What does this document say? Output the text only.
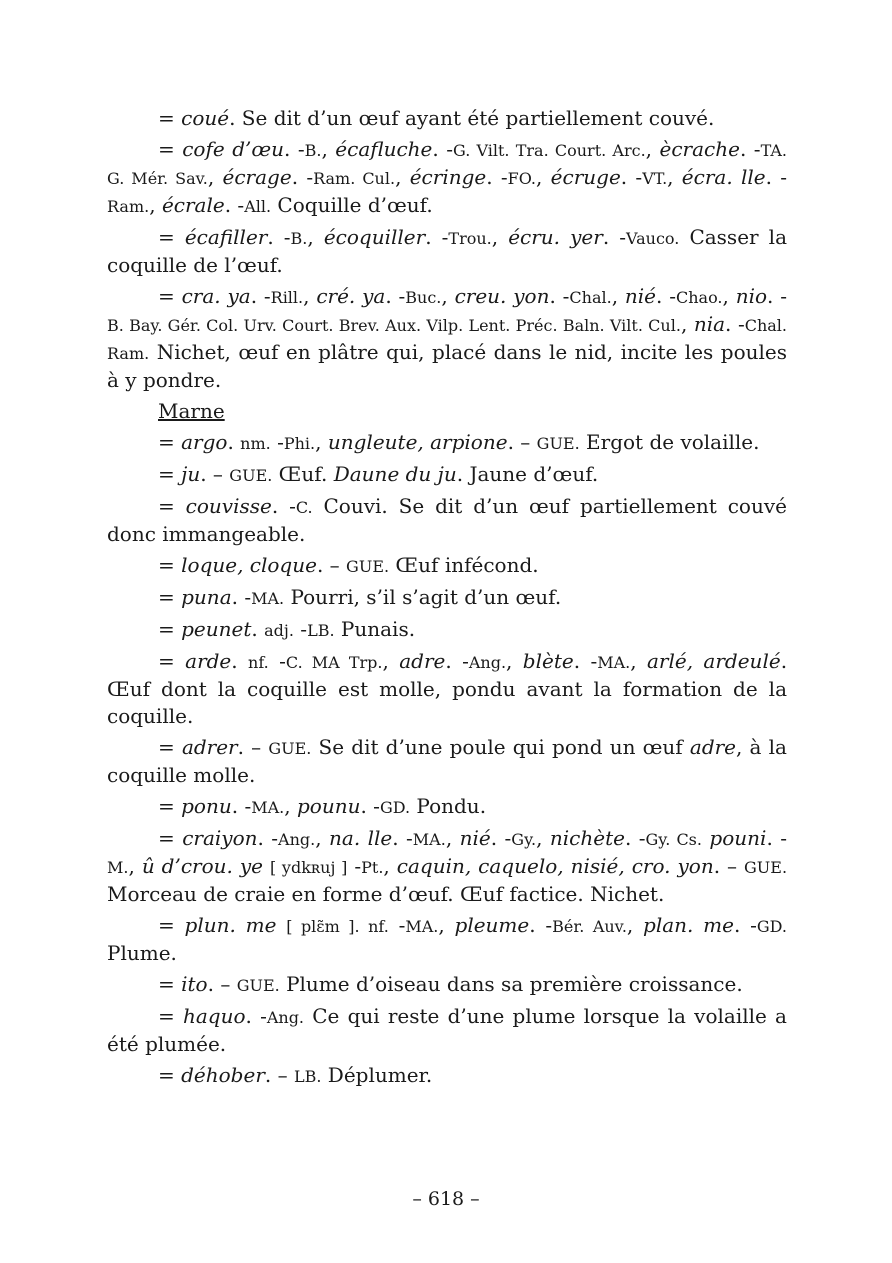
= coué. Se dit d’un œuf ayant été partiellement couvé.

= cofe d’œu. -B., écafluche. -G. Vilt. Tra. Court. Arc., ècrache. -TA. G. Mér. Sav., écrage. -Ram. Cul., écringe. -FO., écruge. -VT., écra. lle. -Ram., écrale. -All. Coquille d’œuf.

= écafiller. -B., écoquiller. -Trou., écru. yer. -Vauco. Casser la coquille de l’œuf.

= cra. ya. -Rill., cré. ya. -Buc., creu. yon. -Chal., nié. -Chao., nio. -B. Bay. Gér. Col. Urv. Court. Brev. Aux. Vilp. Lent. Préc. Baln. Vilt. Cul., nia. -Chal. Ram. Nichet, œuf en plâtre qui, placé dans le nid, incite les poules à y pondre.

Marne

= argo. nm. -Phi., ungleute, arpione. – GUE. Ergot de volaille.

= ju. – GUE. Œuf. Daune du ju. Jaune d’œuf.

= couvisse. -C. Couvi. Se dit d’un œuf partiellement couvé donc immangeable.

= loque, cloque. – GUE. Œuf infécond.

= puna. -MA. Pourri, s’il s’agit d’un œuf.

= peunet. adj. -LB. Punais.

= arde. nf. -C. MA Trp., adre. -Ang., blète. -MA., arlé, ardeulé. Œuf dont la coquille est molle, pondu avant la formation de la coquille.

= adrer. – GUE. Se dit d’une poule qui pond un œuf adre, à la coquille molle.

= ponu. -MA., pounu. -GD. Pondu.

= craiyon. -Ang., na. lle. -MA., nié. -Gy., nichète. -Gy. Cs. pouni. -M., û d’crou. ye [ ydkʀuj ] -Pt., caquin, caquelo, nisié, cro. yon. – GUE. Morceau de craie en forme d’œuf. Œuf factice. Nichet.

= plun. me [ plɛ̃m ]. nf. -MA., pleume. -Bér. Auv., plan. me. -GD. Plume.

= ito. – GUE. Plume d’oiseau dans sa première croissance.

= haquo. -Ang. Ce qui reste d’une plume lorsque la volaille a été plumée.

= déhober. – LB. Déplumer.

– 618 –
